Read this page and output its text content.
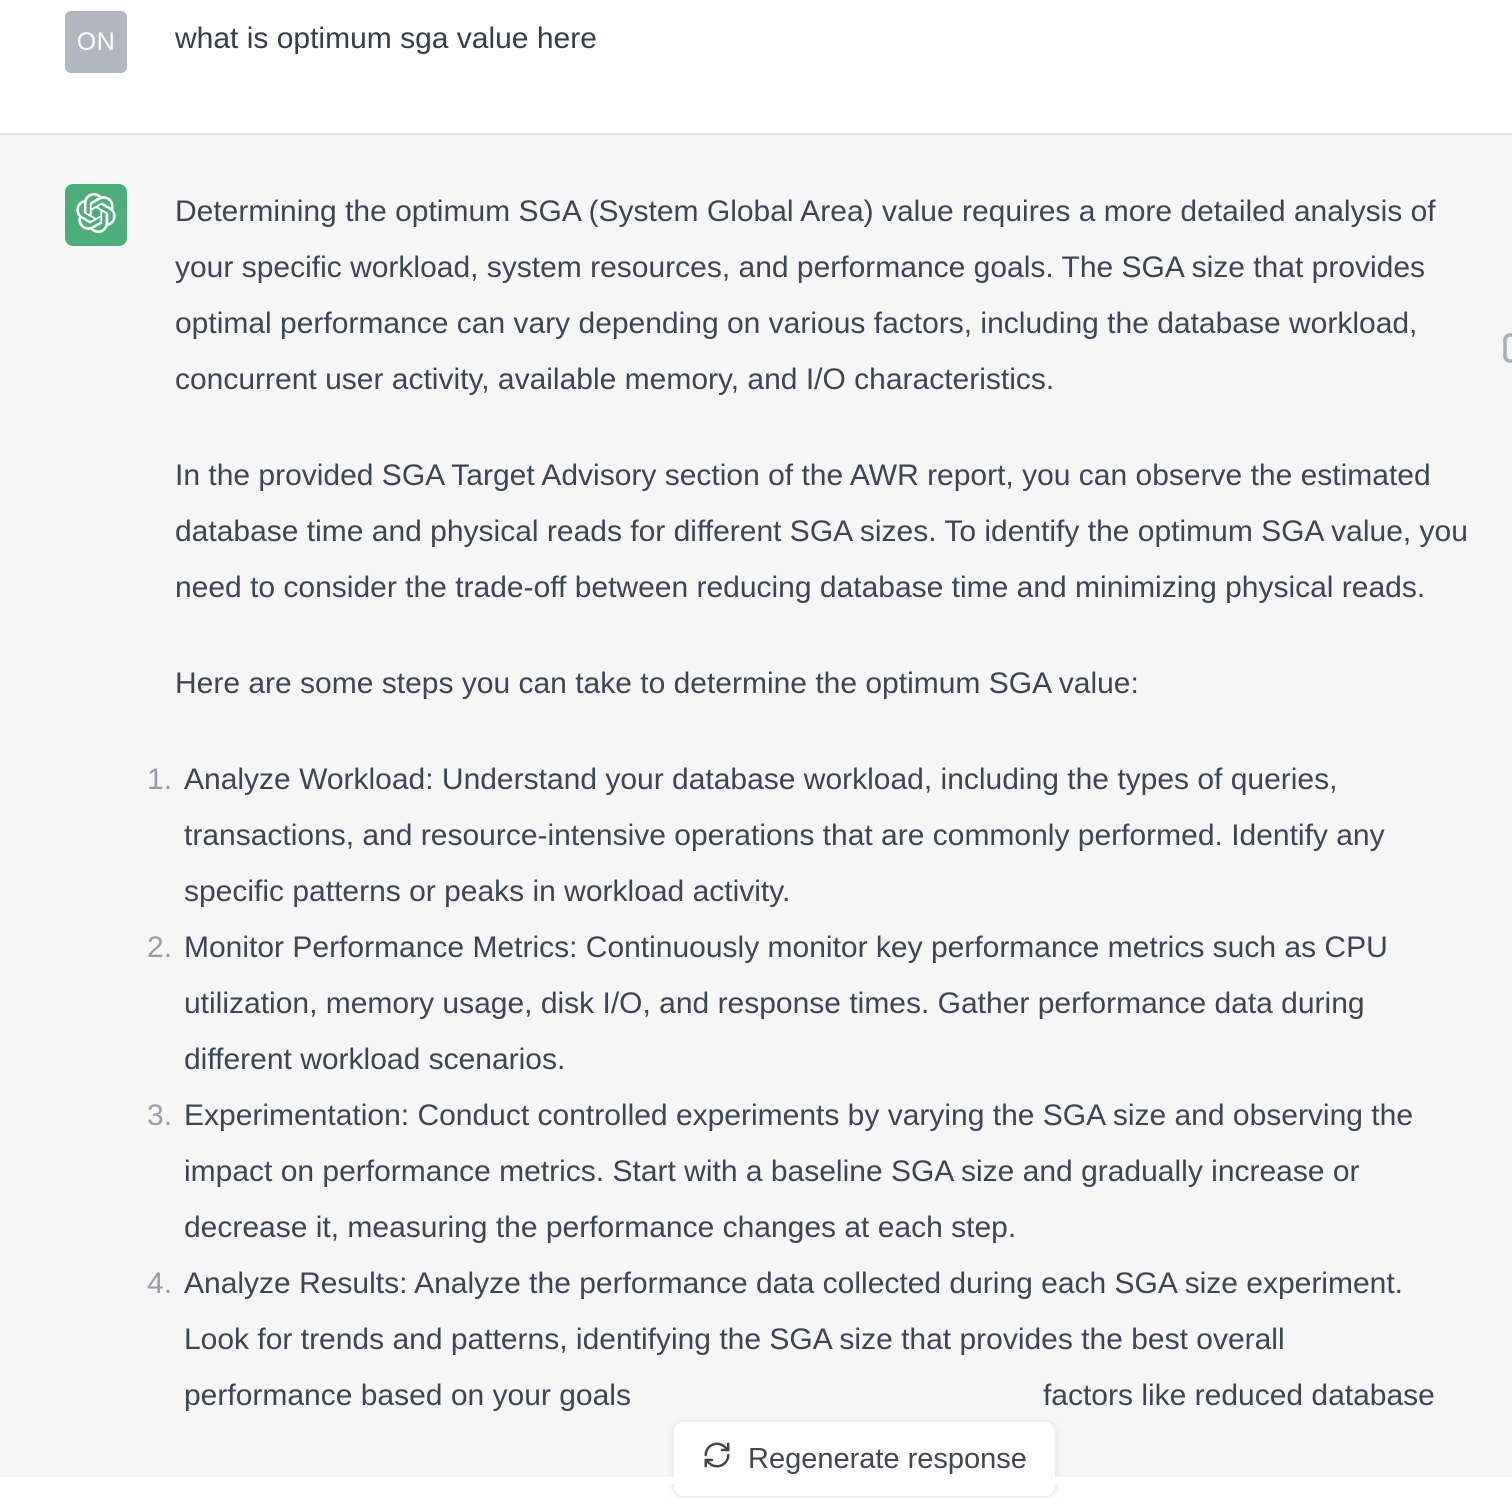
ON what is optimum sga value here

Determining the optimum SGA (System Global Area) value requires a more detailed analysis of your specific workload, system resources, and performance goals. The SGA size that provides optimal performance can vary depending on various factors, including the database workload, concurrent user activity, available memory, and I/O characteristics.

In the provided SGA Target Advisory section of the AWR report, you can observe the estimated database time and physical reads for different SGA sizes. To identify the optimum SGA value, you need to consider the trade-off between reducing database time and minimizing physical reads.

Here are some steps you can take to determine the optimum SGA value:

Analyze Workload: Understand your database workload, including the types of queries, transactions, and resource-intensive operations that are commonly performed. Identify any specific patterns or peaks in workload activity.
Monitor Performance Metrics: Continuously monitor key performance metrics such as CPU utilization, memory usage, disk I/O, and response times. Gather performance data during different workload scenarios.
Experimentation: Conduct controlled experiments by varying the SGA size and observing the impact on performance metrics. Start with a baseline SGA size and gradually increase or decrease it, measuring the performance changes at each step.
Analyze Results: Analyze the performance data collected during each SGA size experiment.
Look for trends and patterns, identifying the SGA size that provides the best overall
performance based on your goals	factors like reduced database
Regenerate response
